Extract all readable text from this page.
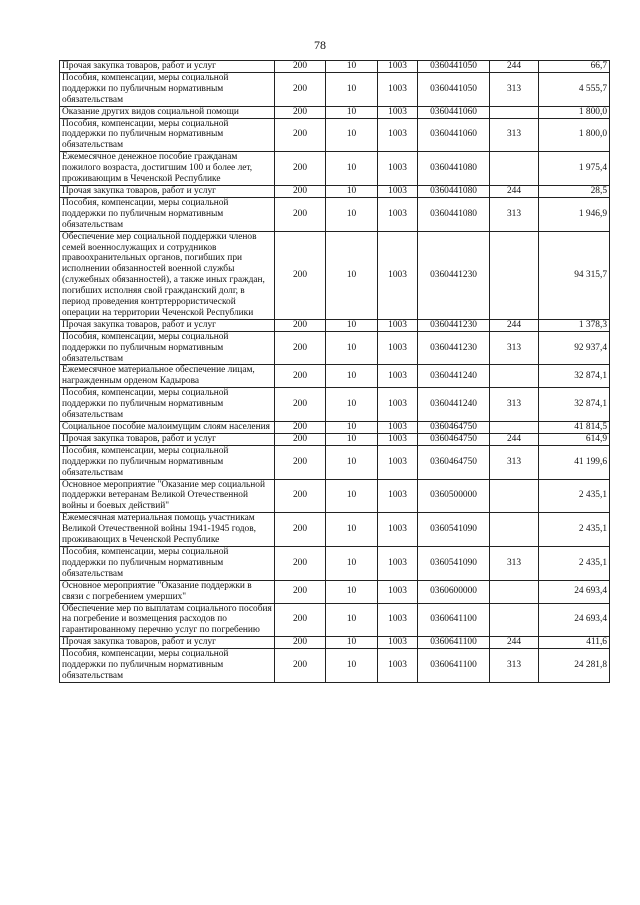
78
Прочая закупка товаров, работ и услуг	200	10	1003	0360441050	244	66,7
Пособия, компенсации, меры социальной поддержки по публичным нормативным обязательствам	200	10	1003	0360441050	313	4 555,7
Оказание других видов социальной помощи	200	10	1003	0360441060		1 800,0
Пособия, компенсации, меры социальной поддержки по публичным нормативным обязательствам	200	10	1003	0360441060	313	1 800,0
Ежемесячное денежное пособие гражданам пожилого возраста, достигшим 100 и более лет, проживающим в Чеченской Республике	200	10	1003	0360441080		1 975,4
Прочая закупка товаров, работ и услуг	200	10	1003	0360441080	244	28,5
Пособия, компенсации, меры социальной поддержки по публичным нормативным обязательствам	200	10	1003	0360441080	313	1 946,9
Обеспечение мер социальной поддержки членов семей военнослужащих и сотрудников правоохранительных органов, погибших при исполнении обязанностей военной службы (служебных обязанностей), а также иных граждан, погибших исполняя свой гражданский долг, в период проведения контртеррористической операции на территории Чеченской Республики	200	10	1003	0360441230		94 315,7
Прочая закупка товаров, работ и услуг	200	10	1003	0360441230	244	1 378,3
Пособия, компенсации, меры социальной поддержки по публичным нормативным обязательствам	200	10	1003	0360441230	313	92 937,4
Ежемесячное материальное обеспечение лицам, награжденным орденом Кадырова	200	10	1003	0360441240		32 874,1
Пособия, компенсации, меры социальной поддержки по публичным нормативным обязательствам	200	10	1003	0360441240	313	32 874,1
Социальное пособие малоимущим слоям населения	200	10	1003	0360464750		41 814,5
Прочая закупка товаров, работ и услуг	200	10	1003	0360464750	244	614,9
Пособия, компенсации, меры социальной поддержки по публичным нормативным обязательствам	200	10	1003	0360464750	313	41 199,6
Основное мероприятие "Оказание мер социальной поддержки ветеранам Великой Отечественной войны и боевых действий"	200	10	1003	0360500000		2 435,1
Ежемесячная материальная помощь участникам Великой Отечественной войны 1941-1945 годов, проживающих в Чеченской Республике	200	10	1003	0360541090		2 435,1
Пособия, компенсации, меры социальной поддержки по публичным нормативным обязательствам	200	10	1003	0360541090	313	2 435,1
Основное мероприятие "Оказание поддержки в связи с погребением умерших"	200	10	1003	0360600000		24 693,4
Обеспечение мер по выплатам социального пособия на погребение и возмещения расходов по гарантированному перечню услуг по погребению	200	10	1003	0360641100		24 693,4
Прочая закупка товаров, работ и услуг	200	10	1003	0360641100	244	411,6
Пособия, компенсации, меры социальной поддержки по публичным нормативным обязательствам	200	10	1003	0360641100	313	24 281,8
